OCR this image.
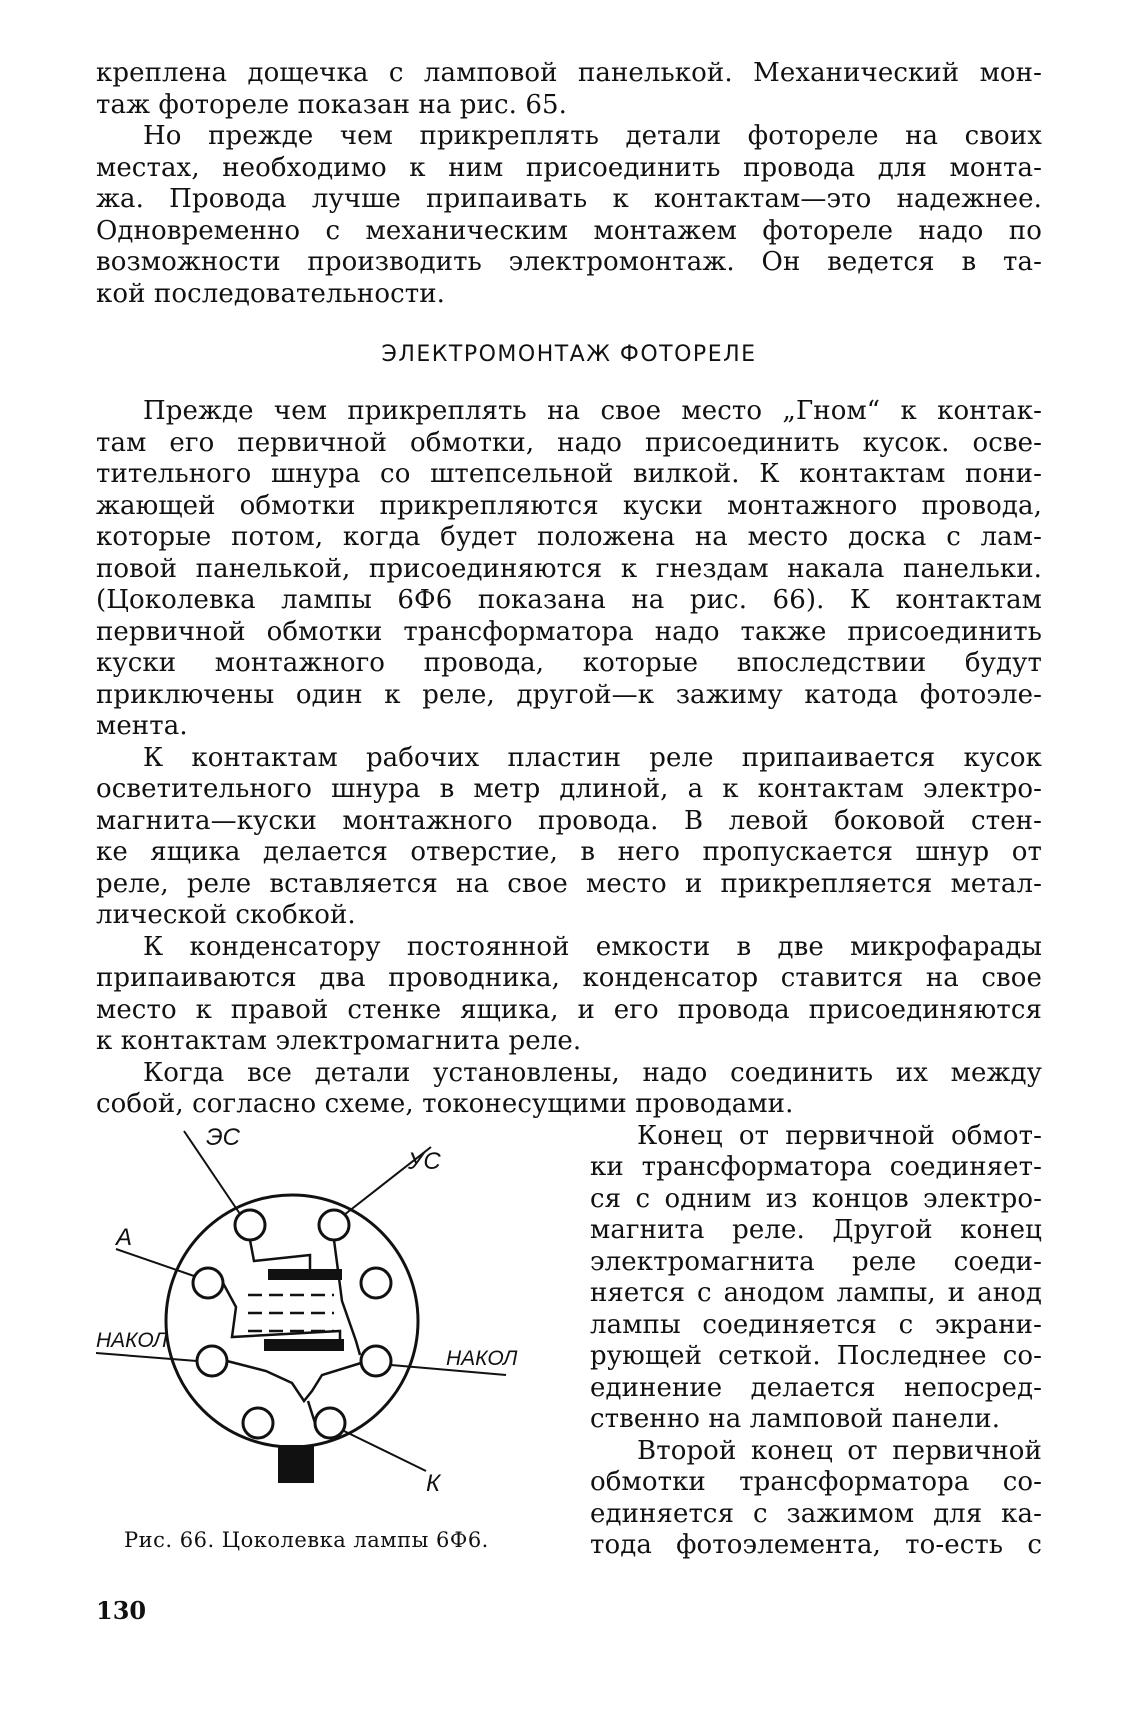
креплена дощечка с ламповой панелькой. Механический мон-
таж фотореле показан на рис. 65.
Но прежде чем прикреплять детали фотореле на своих
местах, необходимо к ним присоединить провода для монта-
жа. Провода лучше припаивать к контактам—это надежнее.
Одновременно с механическим монтажем фотореле надо по
возможности производить электромонтаж. Он ведется в та-
кой последовательности.
ЭЛЕКТРОМОНТАЖ ФОТОРЕЛЕ
Прежде чем прикреплять на свое место „Гном“ к контак-
там его первичной обмотки, надо присоединить кусок. осве-
тительного шнура со штепсельной вилкой. К контактам пони-
жающей обмотки прикрепляются куски монтажного провода,
которые потом, когда будет положена на место доска с лам-
повой панелькой, присоединяются к гнездам накала панельки.
(Цоколевка лампы 6Ф6 показана на рис. 66). К контактам
первичной обмотки трансформатора надо также присоединить
куски монтажного провода, которые впоследствии будут
приключены один к реле, другой—к зажиму катода фотоэле-
мента.
К контактам рабочих пластин реле припаивается кусок
осветительного шнура в метр длиной, а к контактам электро-
магнита—куски монтажного провода. В левой боковой стен-
ке ящика делается отверстие, в него пропускается шнур от
реле, реле вставляется на свое место и прикрепляется метал-
лической скобкой.
К конденсатору постоянной емкости в две микрофарады
припаиваются два проводника, конденсатор ставится на свое
место к правой стенке ящика, и его провода присоединяются
к контактам электромагнита реле.
Когда все детали установлены, надо соединить их между
собой, согласно схеме, токонесущими проводами.
ЭС
УС
А
НАКОЛ
НАКОЛ
К
Рис. 66. Цоколевка лампы 6Ф6.
Конец от первичной обмот-
ки трансформатора соединяет-
ся с одним из концов электро-
магнита реле. Другой конец
электромагнита реле соеди-
няется с анодом лампы, и анод
лампы соединяется с экрани-
рующей сеткой. Последнее со-
единение делается непосред-
ственно на ламповой панели.
Второй конец от первичной
обмотки трансформатора со-
единяется с зажимом для ка-
тода фотоэлемента, то-есть с
130
